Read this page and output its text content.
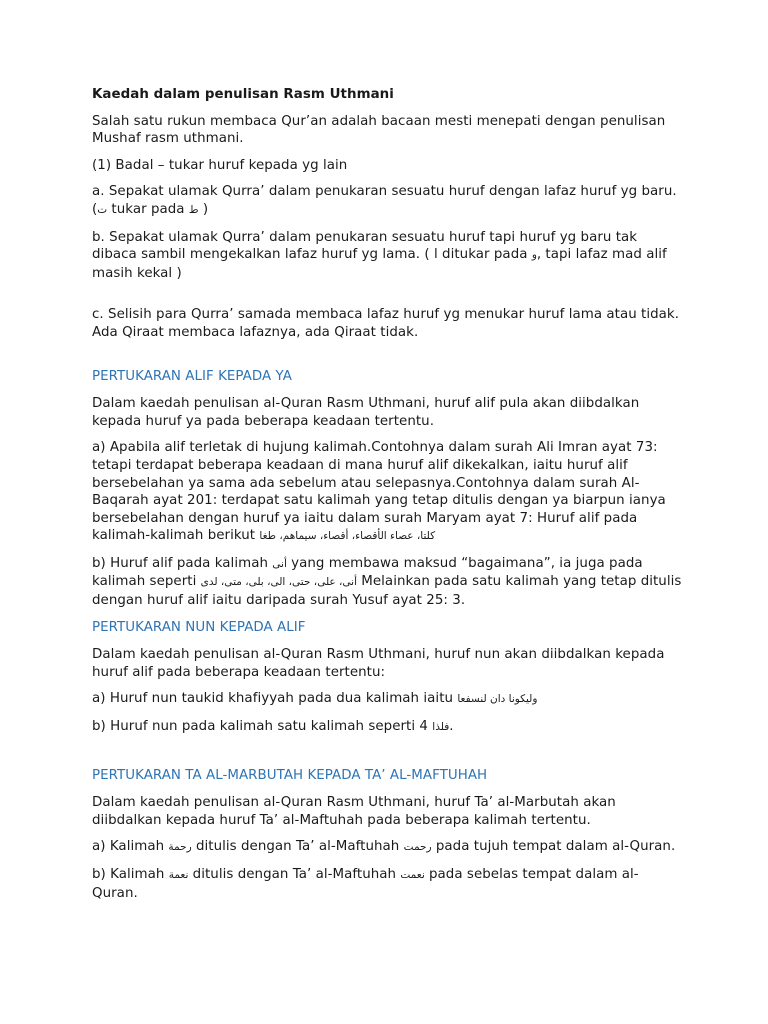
Kaedah dalam penulisan Rasm Uthmani

Salah satu rukun membaca Qur’an adalah bacaan mesti menepati dengan penulisan Mushaf rasm uthmani.

(1) Badal – tukar huruf kepada yg lain

a. Sepakat ulamak Qurra’ dalam penukaran sesuatu huruf dengan lafaz huruf yg baru. (ت tukar pada ط )

b. Sepakat ulamak Qurra’ dalam penukaran sesuatu huruf tapi huruf yg baru tak dibaca sambil mengekalkan lafaz huruf yg lama. ( l ditukar pada و, tapi lafaz mad alif masih kekal )

c. Selisih para Qurra’ samada membaca lafaz huruf yg menukar huruf lama atau tidak. Ada Qiraat membaca lafaznya, ada Qiraat tidak.

PERTUKARAN ALIF KEPADA YA

Dalam kaedah penulisan al-Quran Rasm Uthmani, huruf alif pula akan diibdalkan kepada huruf ya pada beberapa keadaan tertentu.

a) Apabila alif terletak di hujung kalimah.Contohnya dalam surah Ali Imran ayat 73: tetapi terdapat beberapa keadaan di mana huruf alif dikekalkan, iaitu huruf alif bersebelahan ya sama ada sebelum atau selepasnya.Contohnya dalam surah Al-Baqarah ayat 201: terdapat satu kalimah yang tetap ditulis dengan ya biarpun ianya bersebelahan dengan huruf ya iaitu dalam surah Maryam ayat 7: Huruf alif pada kalimah-kalimah berikut كلتا، عصاء الأقصاء، أقصاء، سيماهم، طغا

b) Huruf alif pada kalimah أنى yang membawa maksud “bagaimana”, ia juga pada kalimah seperti أنى، على، حتى، الى، بلى، متى، لدى Melainkan pada satu kalimah yang tetap ditulis dengan huruf alif iaitu daripada surah Yusuf ayat 25: 3.

PERTUKARAN NUN KEPADA ALIF

Dalam kaedah penulisan al-Quran Rasm Uthmani, huruf nun akan diibdalkan kepada huruf alif pada beberapa keadaan tertentu:

a) Huruf nun taukid khafiyyah pada dua kalimah iaitu وليكونا دان لنسفعا

b) Huruf nun pada kalimah satu kalimah seperti 4 فلذا.

PERTUKARAN TA AL-MARBUTAH KEPADA TA’ AL-MAFTUHAH

Dalam kaedah penulisan al-Quran Rasm Uthmani, huruf Ta’ al-Marbutah akan diibdalkan kepada huruf Ta’ al-Maftuhah pada beberapa kalimah tertentu.

a) Kalimah رحمة ditulis dengan Ta’ al-Maftuhah رحمت pada tujuh tempat dalam al-Quran.

b) Kalimah نعمة ditulis dengan Ta’ al-Maftuhah نعمت pada sebelas tempat dalam al-Quran.
